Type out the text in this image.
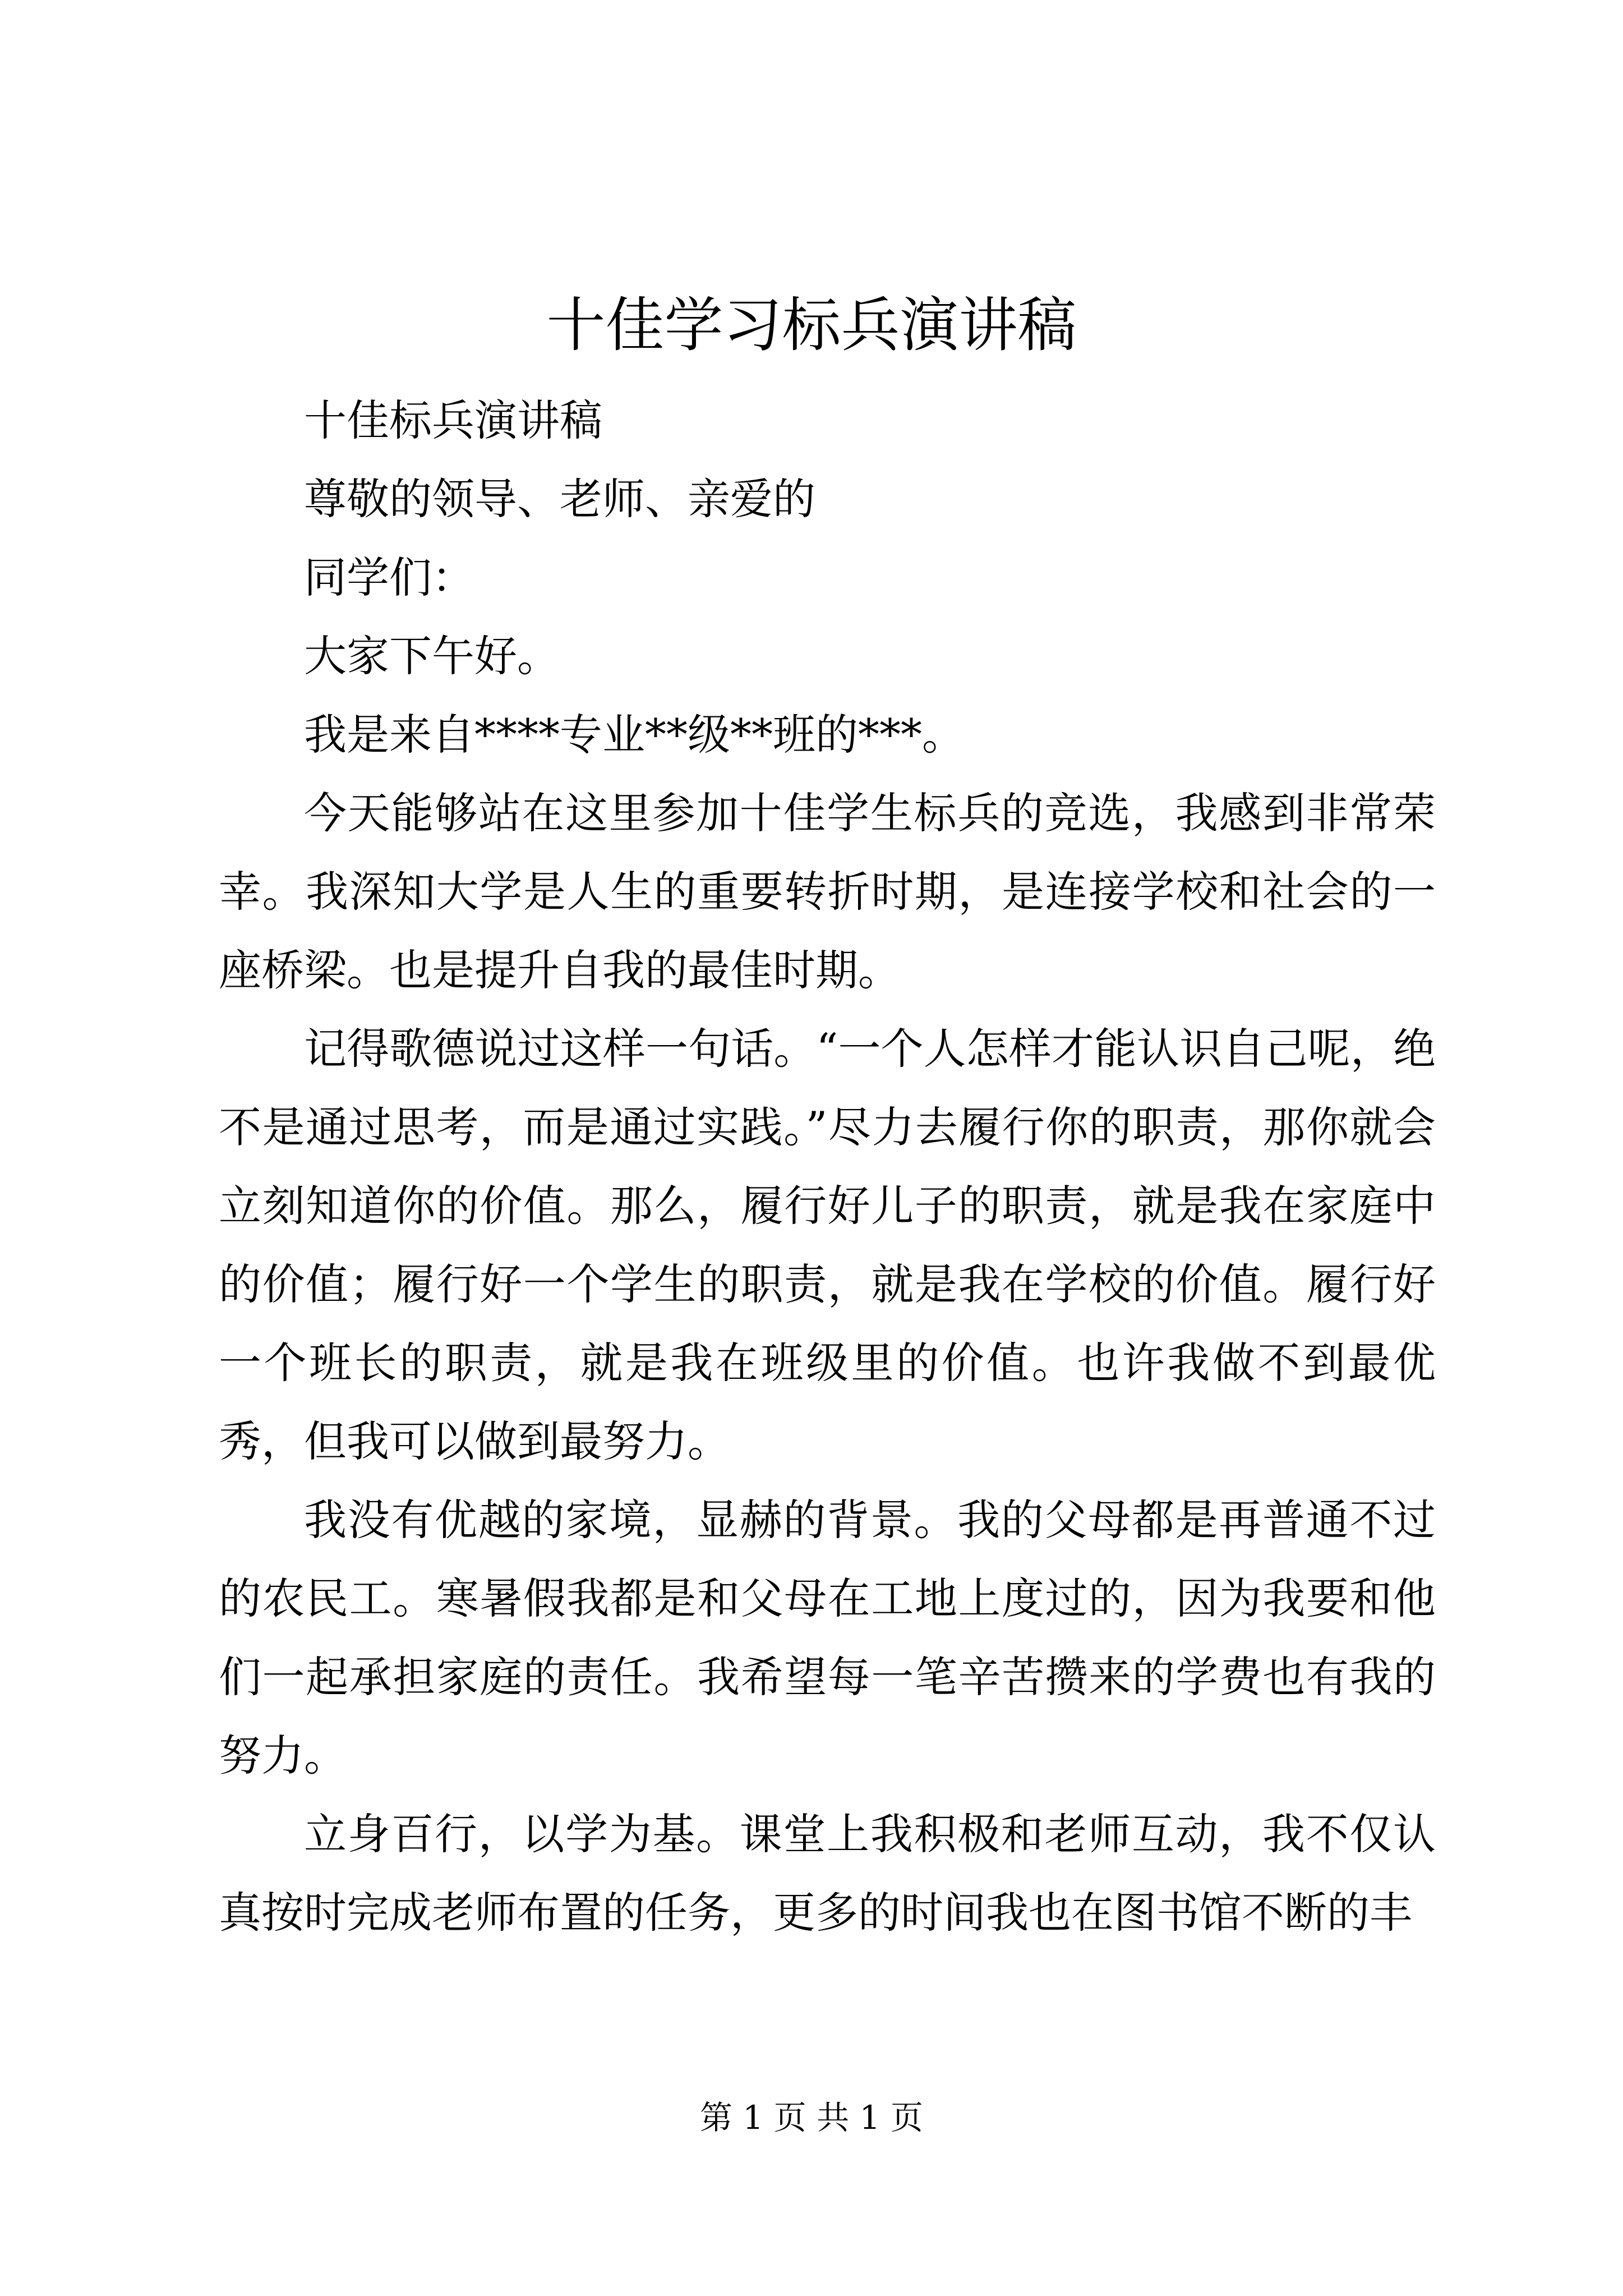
十佳学习标兵演讲稿

十佳标兵演讲稿

尊敬的领导、老师、亲爱的

同学们：

大家下午好。

我是来自****专业**级**班的***。

今天能够站在这里参加十佳学生标兵的竞选，我感到非常荣幸。我深知大学是人生的重要转折时期，是连接学校和社会的一座桥梁。也是提升自我的最佳时期。

记得歌德说过这样一句话。“一个人怎样才能认识自己呢，绝不是通过思考，而是通过实践。”尽力去履行你的职责，那你就会立刻知道你的价值。那么，履行好儿子的职责，就是我在家庭中的价值；履行好一个学生的职责，就是我在学校的价值。履行好一个班长的职责，就是我在班级里的价值。也许我做不到最优秀，但我可以做到最努力。

我没有优越的家境，显赫的背景。我的父母都是再普通不过的农民工。寒暑假我都是和父母在工地上度过的，因为我要和他们一起承担家庭的责任。我希望每一笔辛苦攒来的学费也有我的努力。

立身百行，以学为基。课堂上我积极和老师互动，我不仅认真按时完成老师布置的任务，更多的时间我也在图书馆不断的丰

第 1 页 共 1 页
